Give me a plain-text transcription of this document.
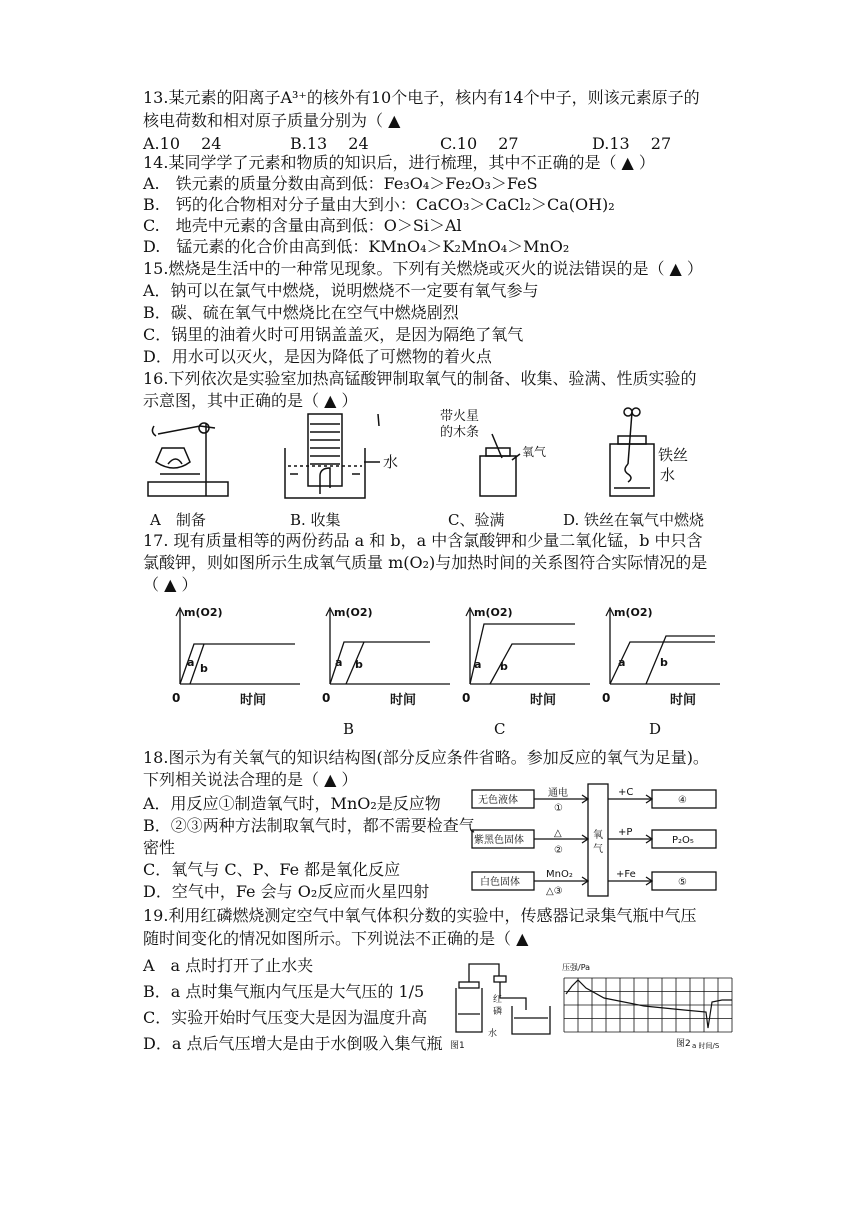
13.某元素的阳离子A³⁺的核外有10个电子，核内有14个中子，则该元素原子的
核电荷数和相对原子质量分别为（ ▲
A.10　 24	B.13　 24	C.10　 27	D.13　 27
14.某同学学了元素和物质的知识后，进行梳理，其中不正确的是（ ▲ ）
A.　铁元素的质量分数由高到低：Fe₃O₄＞Fe₂O₃＞FeS
B.　钙的化合物相对分子量由大到小：CaCO₃＞CaCl₂＞Ca(OH)₂
C.　地壳中元素的含量由高到低：O＞Si＞Al
D.　锰元素的化合价由高到低：KMnO₄＞K₂MnO₄＞MnO₂
15.燃烧是生活中的一种常见现象。下列有关燃烧或灭火的说法错误的是（ ▲ ）
A．钠可以在氯气中燃烧，说明燃烧不一定要有氧气参与
B．碳、硫在氧气中燃烧比在空气中燃烧剧烈
C．锅里的油着火时可用锅盖盖灭，是因为隔绝了氧气
D．用水可以灭火，是因为降低了可燃物的着火点
16.下列依次是实验室加热高锰酸钾制取氧气的制备、收集、验满、性质实验的
示意图，其中正确的是（ ▲ ）
水
带火星
的木条
氧气	铁丝
水
A　制备	B. 收集	C、验满	D. 铁丝在氧气中燃烧
17. 现有质量相等的两份药品 a 和 b，a 中含氯酸钾和少量二氧化锰，b 中只含
氯酸钾，则如图所示生成氧气质量 m(O₂)与加热时间的关系图符合实际情况的是
（ ▲ ）
m(O2)
a b
0	时间
m(O2)
a b
0	时间
m(O2)
a b
0	时间
m(O2)
a	b
0	时间
B	C	D
18.图示为有关氧气的知识结构图(部分反应条件省略。参加反应的氧气为足量)。
下列相关说法合理的是（ ▲ ）
A．用反应①制造氧气时，MnO₂是反应物
B．②③两种方法制取氧气时，都不需要检查气
密性
C．氧气与 C、P、Fe 都是氧化反应
D．空气中，Fe 会与 O₂反应而火星四射
无色液体
紫黑色固体
白色固体
通电
①
△
②
MnO₂
△③
氧
气
+C
+P
+Fe
④
P₂O₅
⑤
19.利用红磷燃烧测定空气中氧气体积分数的实验中，传感器记录集气瓶中气压
随时间变化的情况如图所示。下列说法不正确的是（ ▲
A　a 点时打开了止水夹
B．a 点时集气瓶内气压是大气压的 1/5
C．实验开始时气压变大是因为温度升高
D．a 点后气压增大是由于水倒吸入集气瓶
红
磷
水
图1
压强/Pa
图2 a 时间/S
